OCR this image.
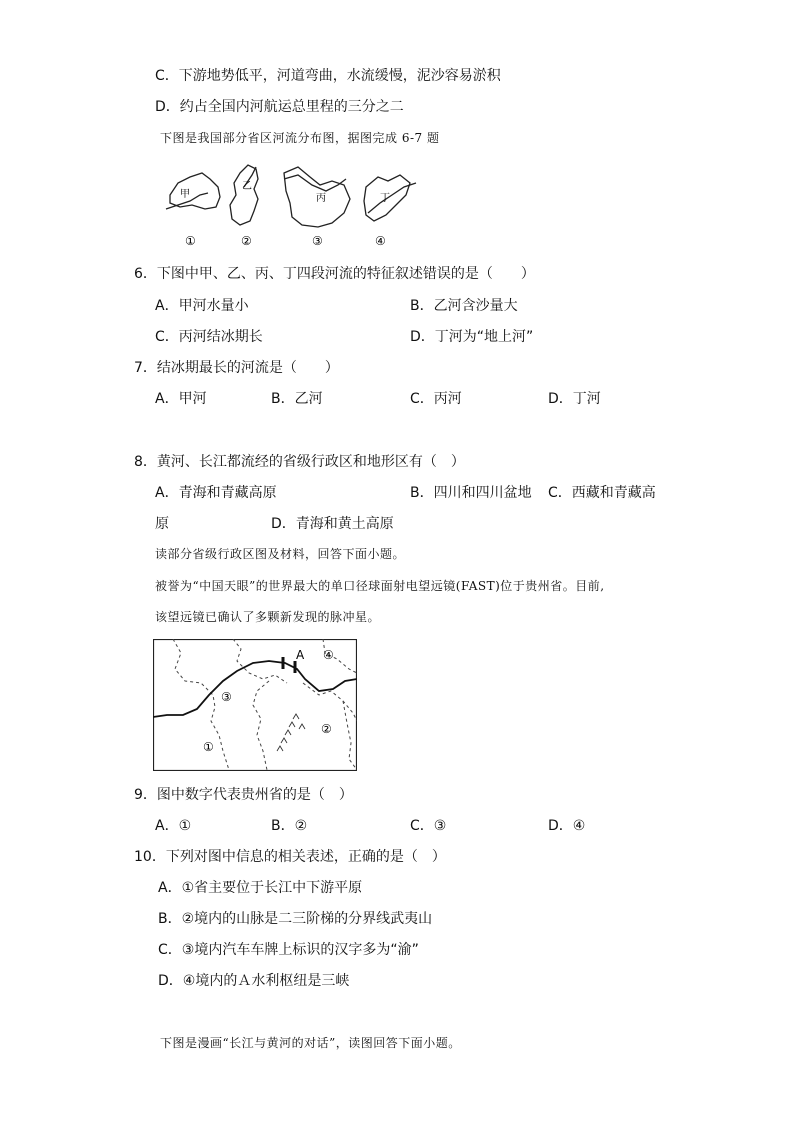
C．下游地势低平，河道弯曲，水流缓慢，泥沙容易淤积
D．约占全国内河航运总里程的三分之二
下图是我国部分省区河流分布图，据图完成 6-7 题
甲
乙
丙	丁
①	②	③	④
6．下图中甲、乙、丙、丁四段河流的特征叙述错误的是（　　）
A．甲河水量小	B．乙河含沙量大
C．丙河结冰期长	D．丁河为“地上河”
7．结冰期最长的河流是（　　）
A．甲河	B．乙河	C．丙河	D．丁河
8．黄河、长江都流经的省级行政区和地形区有（　）
A．青海和青藏高原	B．四川和四川盆地 C．西藏和青藏高
原	D．青海和黄土高原
读部分省级行政区图及材料，回答下面小题。
被誉为“中国天眼”的世界最大的单口径球面射电望远镜(FAST)位于贵州省。目前,
该望远镜已确认了多颗新发现的脉冲星。
A
①
②
③
④
9．图中数字代表贵州省的是（　）
A．①	B．②	C．③	D．④
10．下列对图中信息的相关表述，正确的是（　）
A．①省主要位于长江中下游平原
B．②境内的山脉是二三阶梯的分界线武夷山
C．③境内汽车车牌上标识的汉字多为“渝”
D．④境内的Ａ水利枢纽是三峡
下图是漫画“长江与黄河的对话”，读图回答下面小题。
